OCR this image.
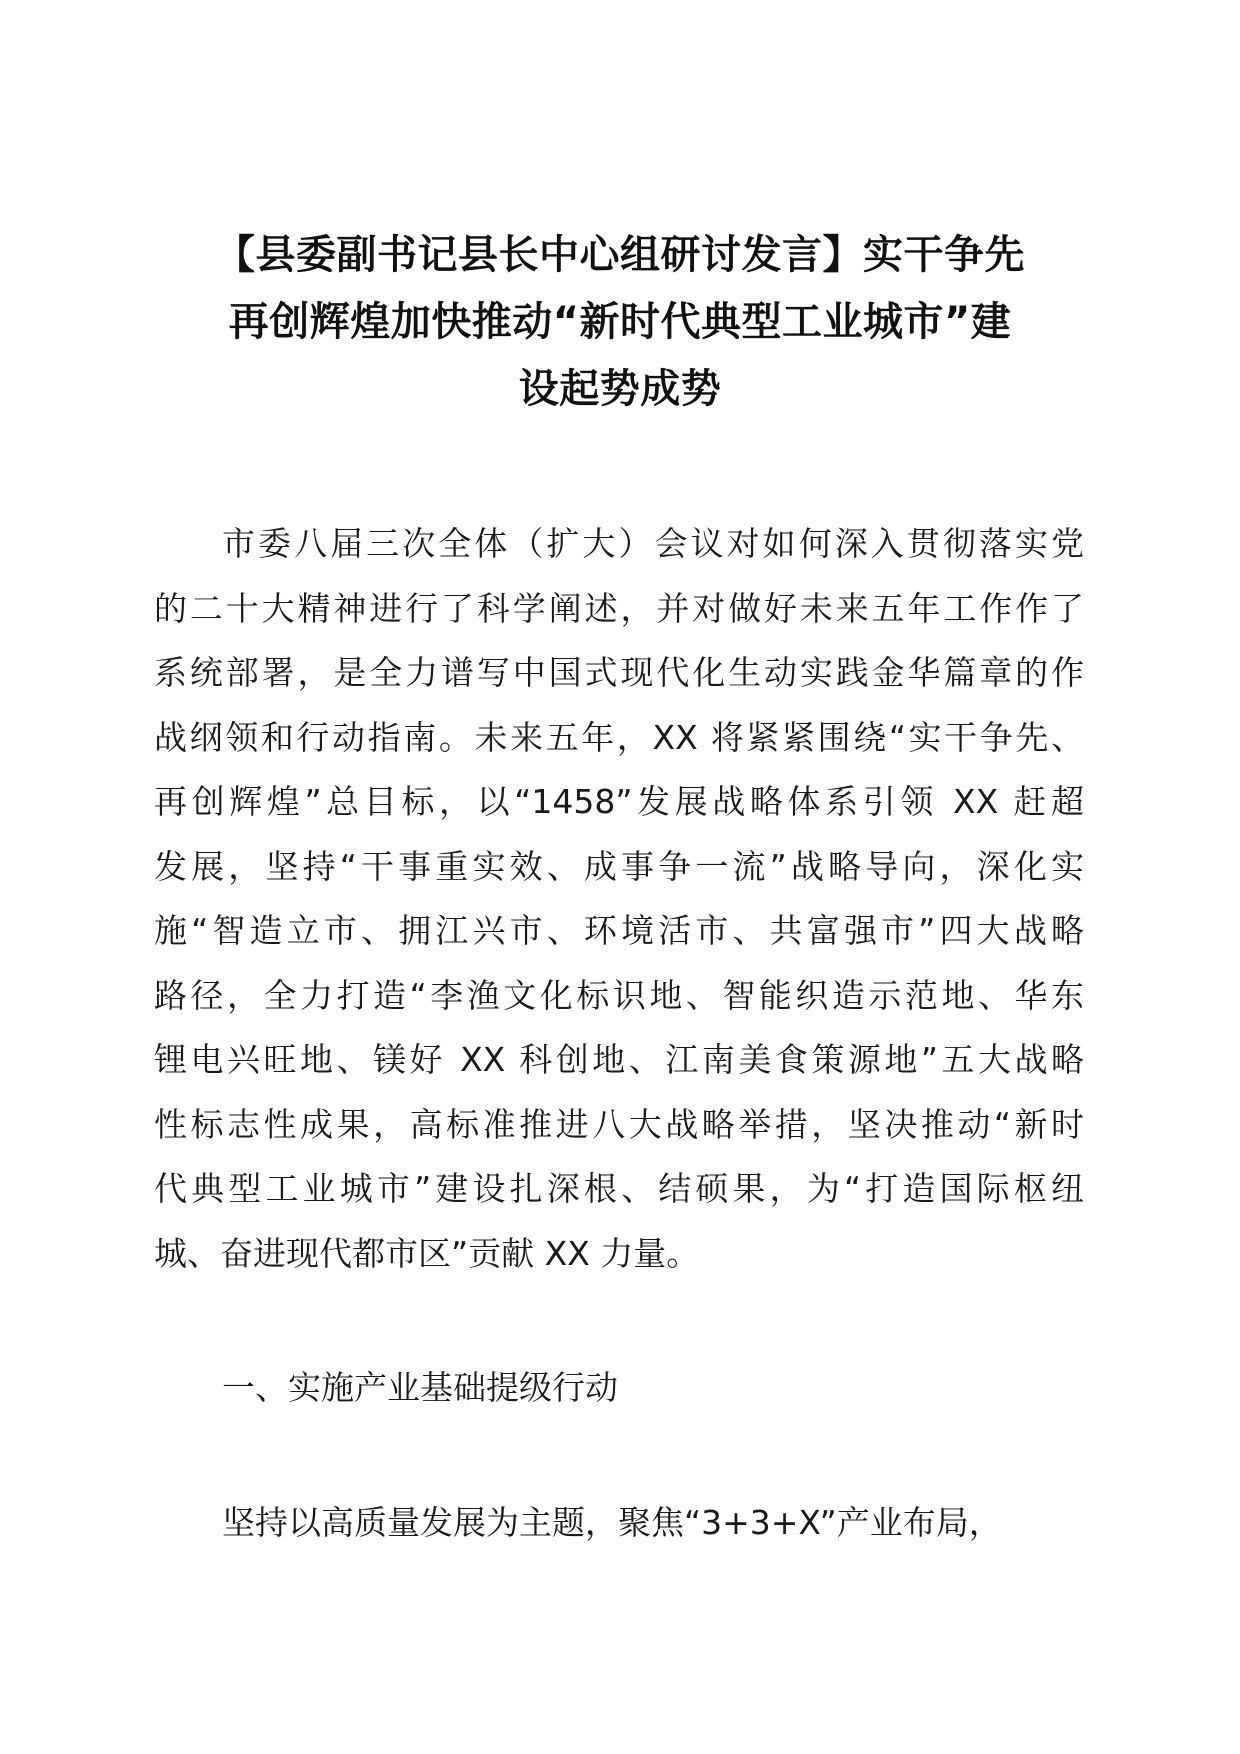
【县委副书记县长中心组研讨发言】实干争先
再创辉煌加快推动“新时代典型工业城市”建
设起势成势
市委八届三次全体（扩大）会议对如何深入贯彻落实党
的二十大精神进行了科学阐述，并对做好未来五年工作作了
系统部署，是全力谱写中国式现代化生动实践金华篇章的作
战纲领和行动指南。未来五年，XX 将紧紧围绕“实干争先、
再创辉煌”总目标，以“1458”发展战略体系引领 XX 赶超
发展，坚持“干事重实效、成事争一流”战略导向，深化实
施“智造立市、拥江兴市、环境活市、共富强市”四大战略
路径，全力打造“李渔文化标识地、智能织造示范地、华东
锂电兴旺地、镁好 XX 科创地、江南美食策源地”五大战略
性标志性成果，高标准推进八大战略举措，坚决推动“新时
代典型工业城市”建设扎深根、结硕果，为“打造国际枢纽
城、奋进现代都市区”贡献 XX 力量。
一、实施产业基础提级行动
坚持以高质量发展为主题，聚焦“3+3+X”产业布局，
